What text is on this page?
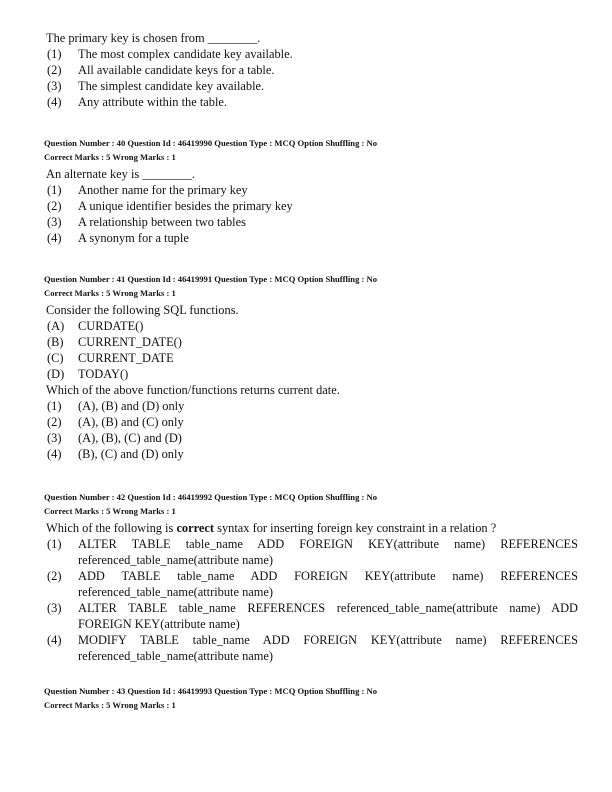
The primary key is chosen from ________.
(1)	The most complex candidate key available.
(2)	All available candidate keys for a table.
(3)	The simplest candidate key available.
(4)	Any attribute within the table.
Question Number : 40 Question Id : 46419990 Question Type : MCQ Option Shuffling : No
Correct Marks : 5 Wrong Marks : 1
An alternate key is ________.
(1)	Another name for the primary key
(2)	A unique identifier besides the primary key
(3)	A relationship between two tables
(4)	A synonym for a tuple
Question Number : 41 Question Id : 46419991 Question Type : MCQ Option Shuffling : No
Correct Marks : 5 Wrong Marks : 1
Consider the following SQL functions.
(A)	CURDATE()
(B)	CURRENT_DATE()
(C)	CURRENT_DATE
(D)	TODAY()
Which of the above function/functions returns current date.
(1)	(A), (B) and (D) only
(2)	(A), (B) and (C) only
(3)	(A), (B), (C) and (D)
(4)	(B), (C) and (D) only
Question Number : 42 Question Id : 46419992 Question Type : MCQ Option Shuffling : No
Correct Marks : 5 Wrong Marks : 1
Which of the following is correct syntax for inserting foreign key constraint in a relation ?
(1)	ALTER TABLE table_name ADD FOREIGN KEY(attribute name) REFERENCES
referenced_table_name(attribute name)
(2)	ADD TABLE table_name ADD FOREIGN KEY(attribute name) REFERENCES
referenced_table_name(attribute name)
(3)	ALTER TABLE table_name REFERENCES referenced_table_name(attribute name) ADD
FOREIGN KEY(attribute name)
(4)	MODIFY TABLE table_name ADD FOREIGN KEY(attribute name) REFERENCES
referenced_table_name(attribute name)
Question Number : 43 Question Id : 46419993 Question Type : MCQ Option Shuffling : No
Correct Marks : 5 Wrong Marks : 1
